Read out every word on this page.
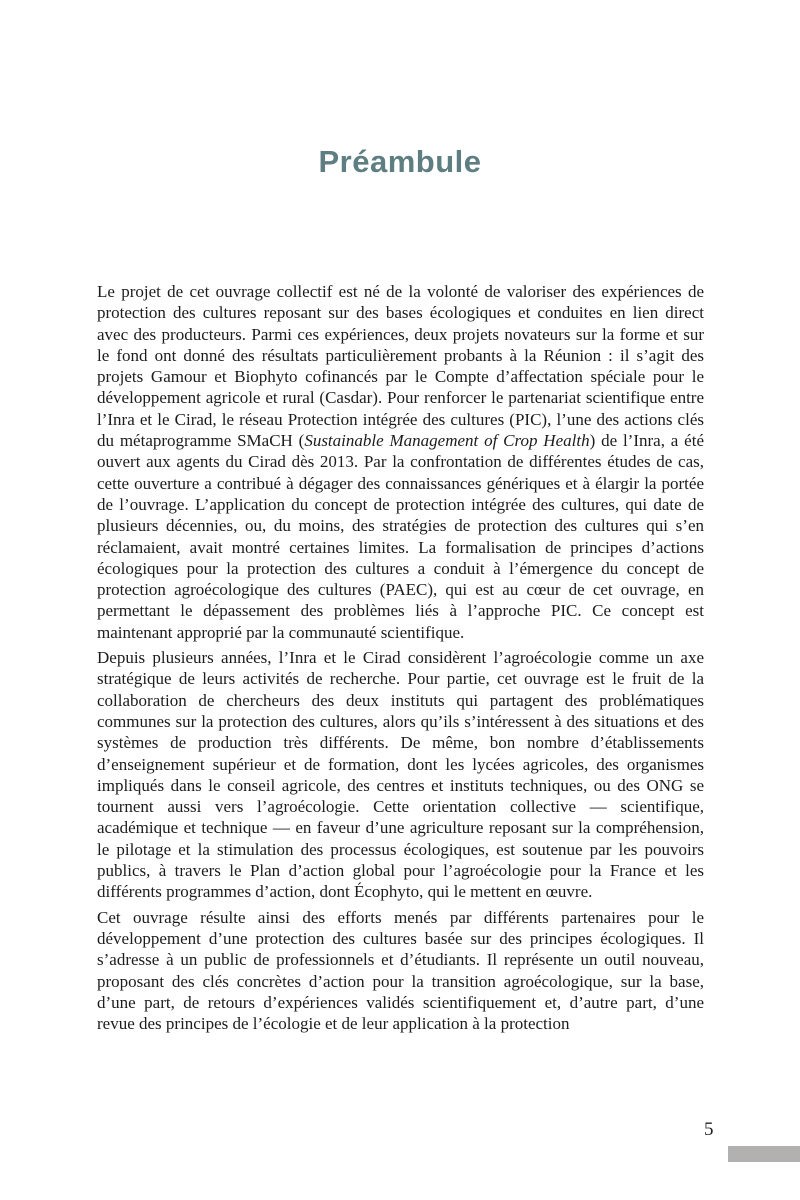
Préambule

Le projet de cet ouvrage collectif est né de la volonté de valoriser des expériences de protection des cultures reposant sur des bases écologiques et conduites en lien direct avec des producteurs. Parmi ces expériences, deux projets novateurs sur la forme et sur le fond ont donné des résultats particulièrement probants à la Réunion : il s’agit des projets Gamour et Biophyto cofinancés par le Compte d’affectation spéciale pour le développement agricole et rural (Casdar). Pour renforcer le partenariat scientifique entre l’Inra et le Cirad, le réseau Protection intégrée des cultures (PIC), l’une des actions clés du métaprogramme SMaCH (Sustainable Management of Crop Health) de l’Inra, a été ouvert aux agents du Cirad dès 2013. Par la confrontation de différentes études de cas, cette ouverture a contribué à dégager des connaissances génériques et à élargir la portée de l’ouvrage. L’application du concept de protection intégrée des cultures, qui date de plusieurs décennies, ou, du moins, des stratégies de protection des cultures qui s’en réclamaient, avait montré certaines limites. La formalisation de principes d’actions écologiques pour la protection des cultures a conduit à l’émergence du concept de protection agroécologique des cultures (PAEC), qui est au cœur de cet ouvrage, en permettant le dépassement des problèmes liés à l’approche PIC. Ce concept est maintenant approprié par la communauté scientifique.

Depuis plusieurs années, l’Inra et le Cirad considèrent l’agroécologie comme un axe stratégique de leurs activités de recherche. Pour partie, cet ouvrage est le fruit de la collaboration de chercheurs des deux instituts qui partagent des problématiques communes sur la protection des cultures, alors qu’ils s’intéressent à des situations et des systèmes de production très différents. De même, bon nombre d’établissements d’enseignement supérieur et de formation, dont les lycées agricoles, des organismes impliqués dans le conseil agricole, des centres et instituts techniques, ou des ONG se tournent aussi vers l’agroécologie. Cette orientation collective — scientifique, académique et technique — en faveur d’une agriculture reposant sur la compréhension, le pilotage et la stimulation des processus écologiques, est soutenue par les pouvoirs publics, à travers le Plan d’action global pour l’agroécologie pour la France et les différents programmes d’action, dont Écophyto, qui le mettent en œuvre.

Cet ouvrage résulte ainsi des efforts menés par différents partenaires pour le développement d’une protection des cultures basée sur des principes écologiques. Il s’adresse à un public de professionnels et d’étudiants. Il représente un outil nouveau, proposant des clés concrètes d’action pour la transition agroécologique, sur la base, d’une part, de retours d’expériences validés scientifiquement et, d’autre part, d’une revue des principes de l’écologie et de leur application à la protection

5
